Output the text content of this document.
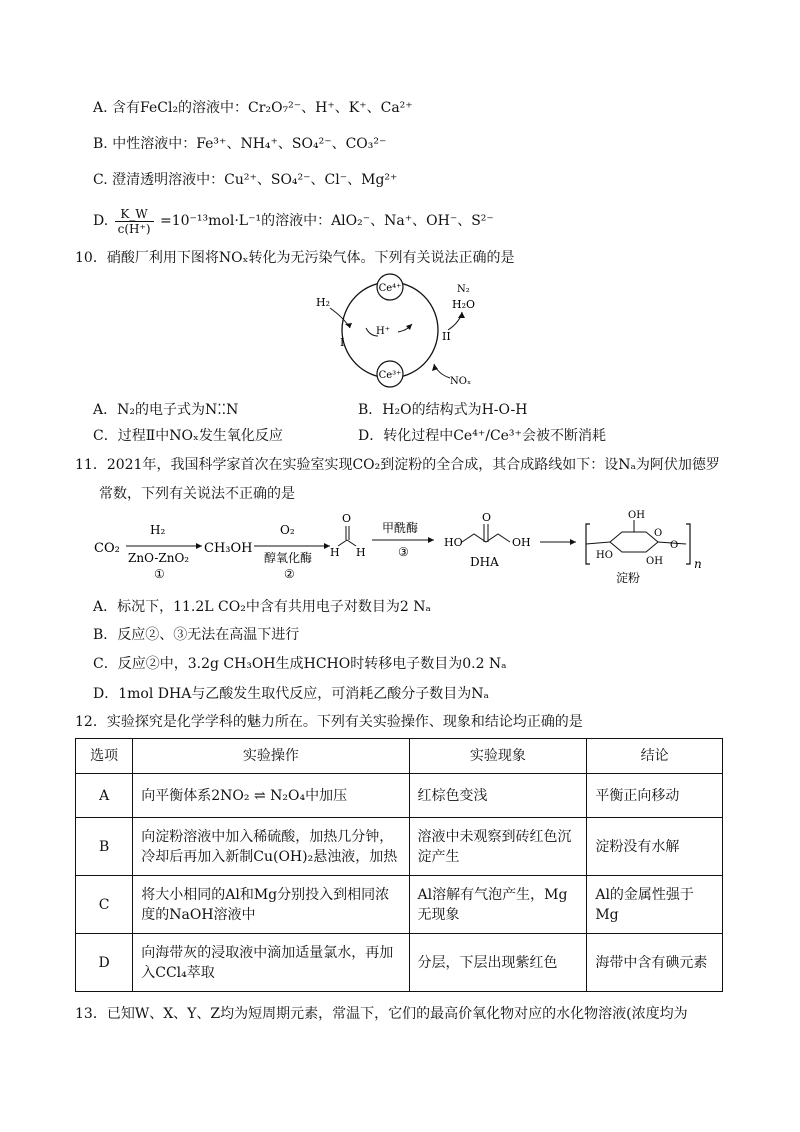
A. 含有FeCl₂的溶液中：Cr₂O₇²⁻、H⁺、K⁺、Ca²⁺
B. 中性溶液中：Fe³⁺、NH₄⁺、SO₄²⁻、CO₃²⁻
C. 澄清透明溶液中：Cu²⁺、SO₄²⁻、Cl⁻、Mg²⁺
D. $\frac{K\_W}{c(H^+)} =10^{-13}mol\cdot L^{-1}$的溶液中：AlO₂⁻、Na⁺、OH⁻、S²⁻
10．硝酸厂利用下图将NOₓ转化为无污染气体。下列有关说法正确的是
Ce⁴⁺
Ce³⁺
H₂
I
H⁺
N₂
H₂O
II
NOₓ
A．N₂的电子式为N⁚⁚N	B．H₂O的结构式为H-O-H
C．过程Ⅱ中NOₓ发生氧化反应	D．转化过程中Ce⁴⁺/Ce³⁺会被不断消耗
11．2021年，我国科学家首次在实验室实现CO₂到淀粉的全合成，其合成路线如下：设Nₐ为阿伏加德罗
常数，下列有关说法不正确的是
CO₂
H₂
ZnO-ZnO₂
①
CH₃OH
O₂
醇氧化酶
②
O
H H
甲酰酶
③
HO
O
OH
DHA
OH
HO
OH
O
O
n
淀粉
A．标况下，11.2L CO₂中含有共用电子对数目为2 Nₐ
B．反应②、③无法在高温下进行
C．反应②中，3.2g CH₃OH生成HCHO时转移电子数目为0.2 Nₐ
D．1mol DHA与乙酸发生取代反应，可消耗乙酸分子数目为Nₐ
12．实验探究是化学学科的魅力所在。下列有关实验操作、现象和结论均正确的是
选项	实验操作	实验现象	结论
A	向平衡体系2NO₂ ⇌ N₂O₄中加压	红棕色变浅	平衡正向移动
B	向淀粉溶液中加入稀硫酸，加热几分钟，冷却后再加入新制Cu(OH)₂悬浊液，加热	溶液中未观察到砖红色沉淀产生	淀粉没有水解
C	将大小相同的Al和Mg分别投入到相同浓度的NaOH溶液中	Al溶解有气泡产生，Mg无现象	Al的金属性强于Mg
D	向海带灰的浸取液中滴加适量氯水，再加入CCl₄萃取	分层，下层出现紫红色	海带中含有碘元素
13．已知W、X、Y、Z均为短周期元素，常温下，它们的最高价氧化物对应的水化物溶液(浓度均为
